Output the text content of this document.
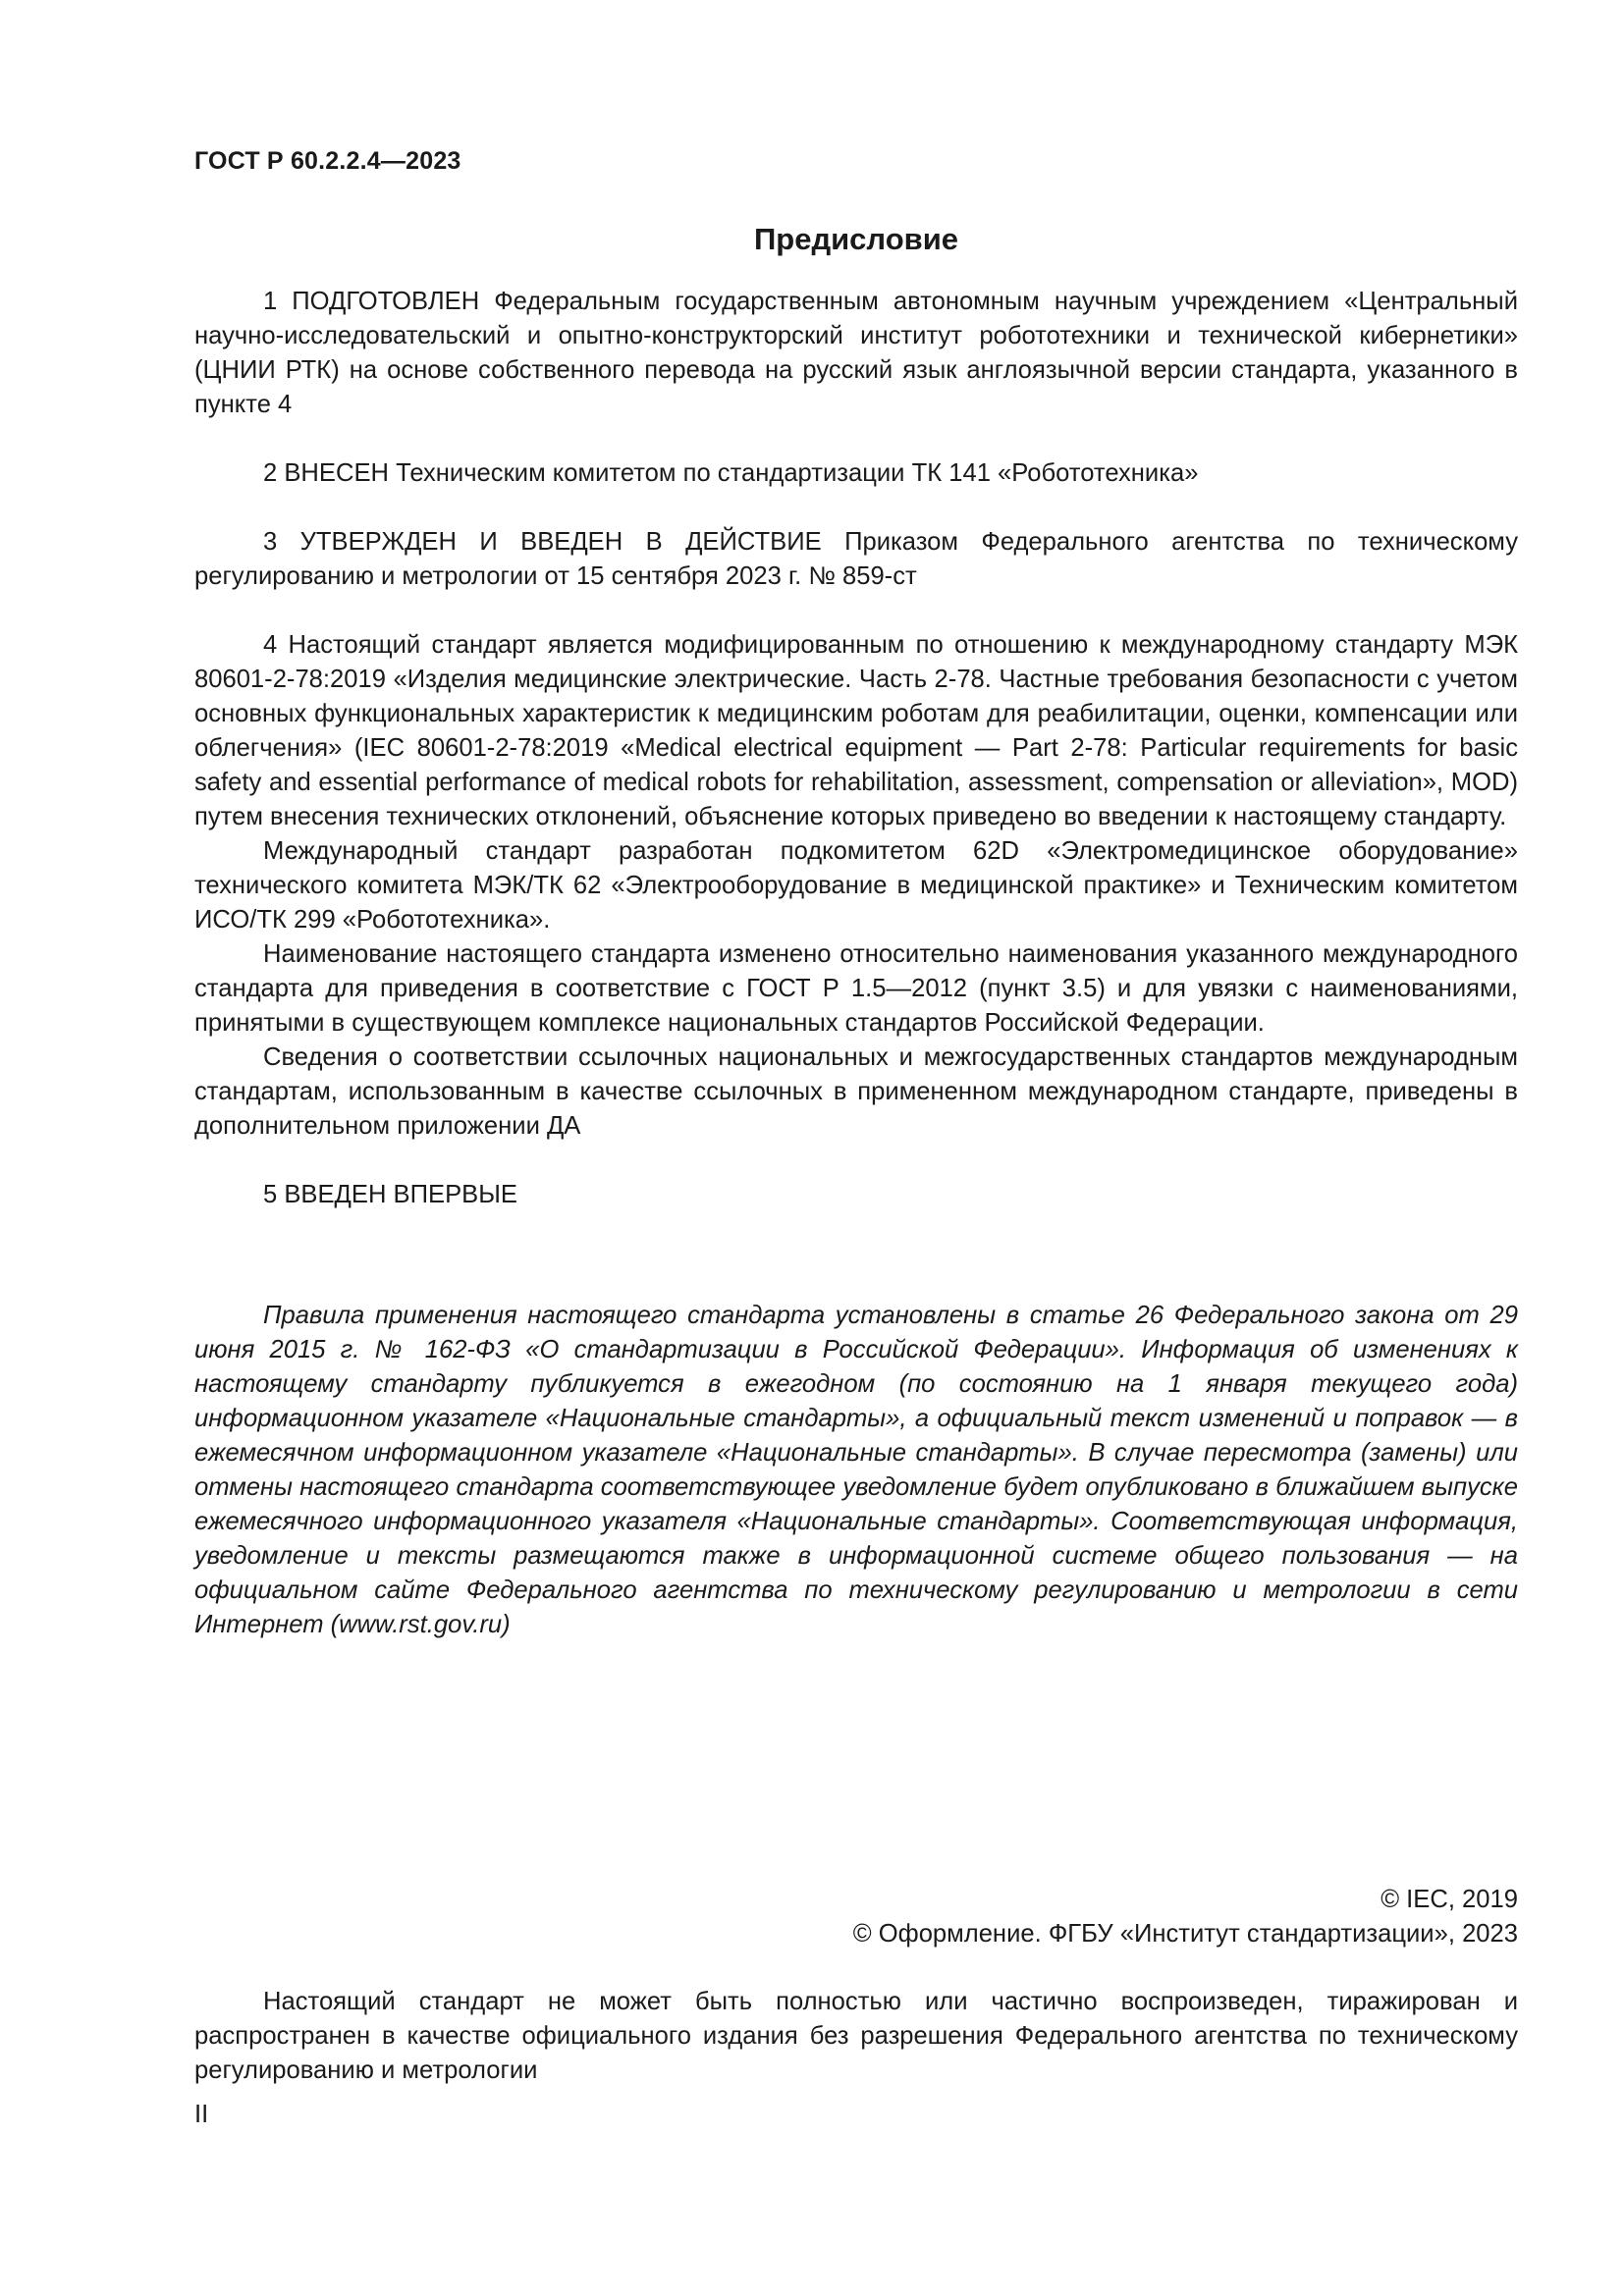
ГОСТ Р 60.2.2.4—2023
Предисловие

1 ПОДГОТОВЛЕН Федеральным государственным автономным научным учреждением «Центральный научно-исследовательский и опытно-конструкторский институт робототехники и технической кибернетики» (ЦНИИ РТК) на основе собственного перевода на русский язык англоязычной версии стандарта, указанного в пункте 4

2 ВНЕСЕН Техническим комитетом по стандартизации ТК 141 «Робототехника»

3 УТВЕРЖДЕН И ВВЕДЕН В ДЕЙСТВИЕ Приказом Федерального агентства по техническому регулированию и метрологии от 15 сентября 2023 г. № 859-ст

4 Настоящий стандарт является модифицированным по отношению к международному стандарту МЭК 80601-2-78:2019 «Изделия медицинские электрические. Часть 2-78. Частные требования безопасности с учетом основных функциональных характеристик к медицинским роботам для реабилитации, оценки, компенсации или облегчения» (IEC 80601-2-78:2019 «Medical electrical equipment — Part 2-78: Particular requirements for basic safety and essential performance of medical robots for rehabilitation, assessment, compensation or alleviation», MOD) путем внесения технических отклонений, объяснение которых приведено во введении к настоящему стандарту.

Международный стандарт разработан подкомитетом 62D «Электромедицинское оборудование» технического комитета МЭК/ТК 62 «Электрооборудование в медицинской практике» и Техническим комитетом ИСО/ТК 299 «Робототехника».

Наименование настоящего стандарта изменено относительно наименования указанного международного стандарта для приведения в соответствие с ГОСТ Р 1.5—2012 (пункт 3.5) и для увязки с наименованиями, принятыми в существующем комплексе национальных стандартов Российской Федерации.

Сведения о соответствии ссылочных национальных и межгосударственных стандартов международным стандартам, использованным в качестве ссылочных в примененном международном стандарте, приведены в дополнительном приложении ДА

5 ВВЕДЕН ВПЕРВЫЕ

Правила применения настоящего стандарта установлены в статье 26 Федерального закона от 29 июня 2015 г. № 162-ФЗ «О стандартизации в Российской Федерации». Информация об изменениях к настоящему стандарту публикуется в ежегодном (по состоянию на 1 января текущего года) информационном указателе «Национальные стандарты», а официальный текст изменений и поправок — в ежемесячном информационном указателе «Национальные стандарты». В случае пересмотра (замены) или отмены настоящего стандарта соответствующее уведомление будет опубликовано в ближайшем выпуске ежемесячного информационного указателя «Национальные стандарты». Соответствующая информация, уведомление и тексты размещаются также в информационной системе общего пользования — на официальном сайте Федерального агентства по техническому регулированию и метрологии в сети Интернет (www.rst.gov.ru)

© IEC, 2019
© Оформление. ФГБУ «Институт стандартизации», 2023

Настоящий стандарт не может быть полностью или частично воспроизведен, тиражирован и распространен в качестве официального издания без разрешения Федерального агентства по техническому регулированию и метрологии

II
